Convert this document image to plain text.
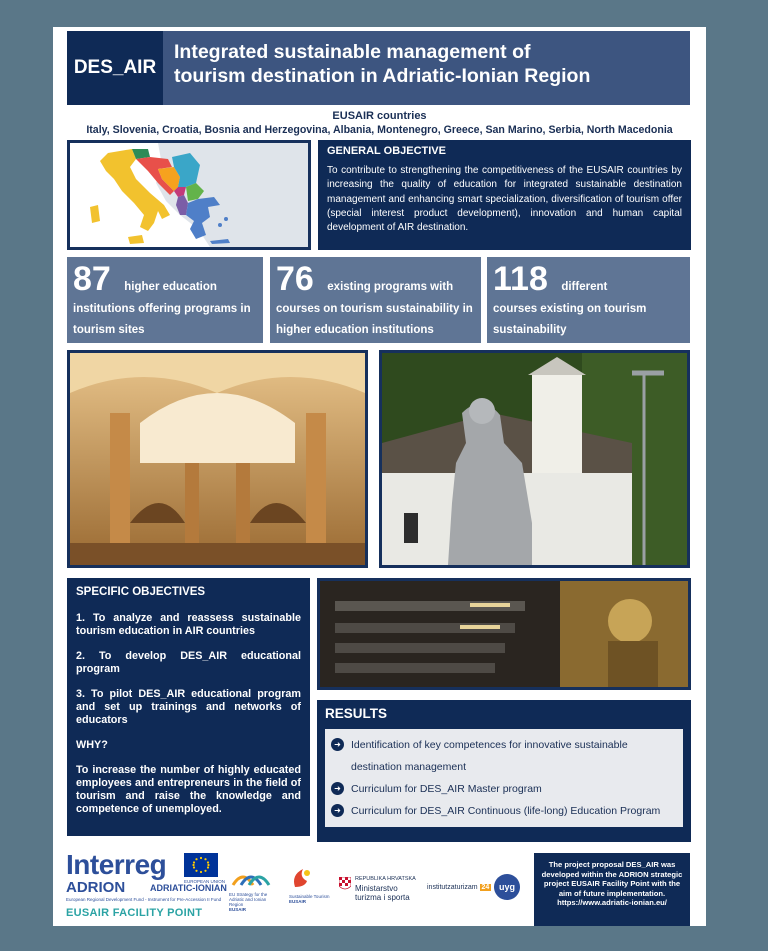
DES_AIR
Integrated sustainable management of
tourism destination in Adriatic-Ionian Region
EUSAIR countries
Italy, Slovenia, Croatia, Bosnia and Herzegovina, Albania, Montenegro, Greece, San Marino, Serbia, North Macedonia
GENERAL OBJECTIVE
To contribute to strengthening the competitiveness of the EUSAIR countries by increasing the quality of education for integrated sustainable destination management and enhancing smart specialization, diversification of tourism offer (special interest product development), innovation and human capital development of AIR destination.
87 higher education
institutions offering programs in tourism sites
76 existing programs with
courses on tourism sustainability in higher education institutions
118 different
courses existing on tourism sustainability
SPECIFIC OBJECTIVES
1. To analyze and reassess sustainable tourism education in AIR countries
2. To develop DES_AIR educational program
3. To pilot DES_AIR educational program and set up trainings and networks of educators
WHY?
To increase the number of highly educated employees and entrepreneurs in the field of tourism and raise the knowledge and competence of unemployed.
RESULTS
➜ Identification of key competences for innovative sustainable destination management
➜ Curriculum for DES_AIR Master program
➜ Curriculum for DES_AIR Continuous (life-long) Education Program
Interreg
EUROPEAN UNION
ADRION	ADRIATIC-IONIAN
European Regional Development Fund - Instrument for Pre-Accession II Fund
EUSAIR FACILITY POINT
EU Strategy for the Adriatic and Ionian Region
EUSAIR
Sustainable Tourism
EUSAIR
REPUBLIKA HRVATSKA
Ministarstvo
turizma i sporta
institutzaturizam 24	uyg
The project proposal DES_AIR was developed within the ADRION strategic project EUSAIR Facility Point with the aim of future implementation. https://www.adriatic-ionian.eu/
